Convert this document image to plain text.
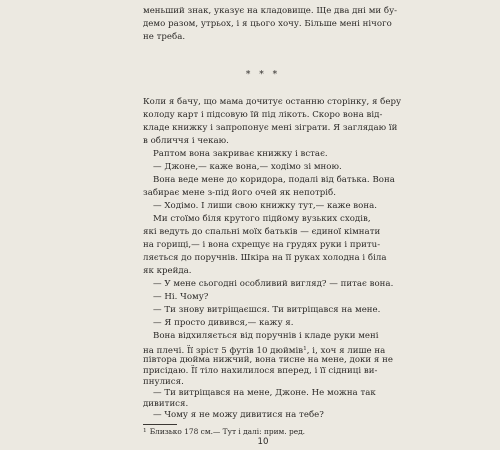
меньший знак, указує на кладовище. Ще два дні ми бу-
демо разом, утрьох, і я цього хочу. Більше мені нічого
не треба.
* * *
Коли я бачу, що мама дочитує останню сторінку, я беру
колоду карт і підсовую їй під лікоть. Скоро вона від-
кладе книжку і запропонує мені зіграти. Я заглядаю їй
в обличчя і чекаю.
Раптом вона закриває книжку і встає.
— Джоне,— каже вона,— ходімо зі мною.
Вона веде мене до коридора, подалі від батька. Вона
забирає мене з-під його очей як непотріб.
— Ходімо. І лиши свою книжку тут,— каже вона.
Ми стоїмо біля крутого підйому вузьких сходів,
які ведуть до спальні моїх батьків — єдиної кімнати
на горищі,— і вона схрещує на грудях руки і притu-
ляється до поручнів. Шкіра на її руках холодна і біла
як крейда.
— У мене сьогодні особливий вигляд? — питає вона.
— Ні. Чому?
— Ти знову витріщаєшся. Ти витріщався на мене.
— Я просто дивився,— кажу я.
Вона відхиляється від поручнів і кладе руки мені
на плечі. Її зріст 5 футів 10 дюймів$^1$, і, хоч я лише на
півтора дюйма нижчий, вона тисне на мене, доки я не
присідаю. Її тіло нахилилося вперед, і її сідниці ви-
пнулися.
— Ти витріщався на мене, Джоне. Не можна так
дивитися.
— Чому я не можу дивитися на тебе?
$^1$ Близько 178 см.— Тут і далі: прим. ред.
10
